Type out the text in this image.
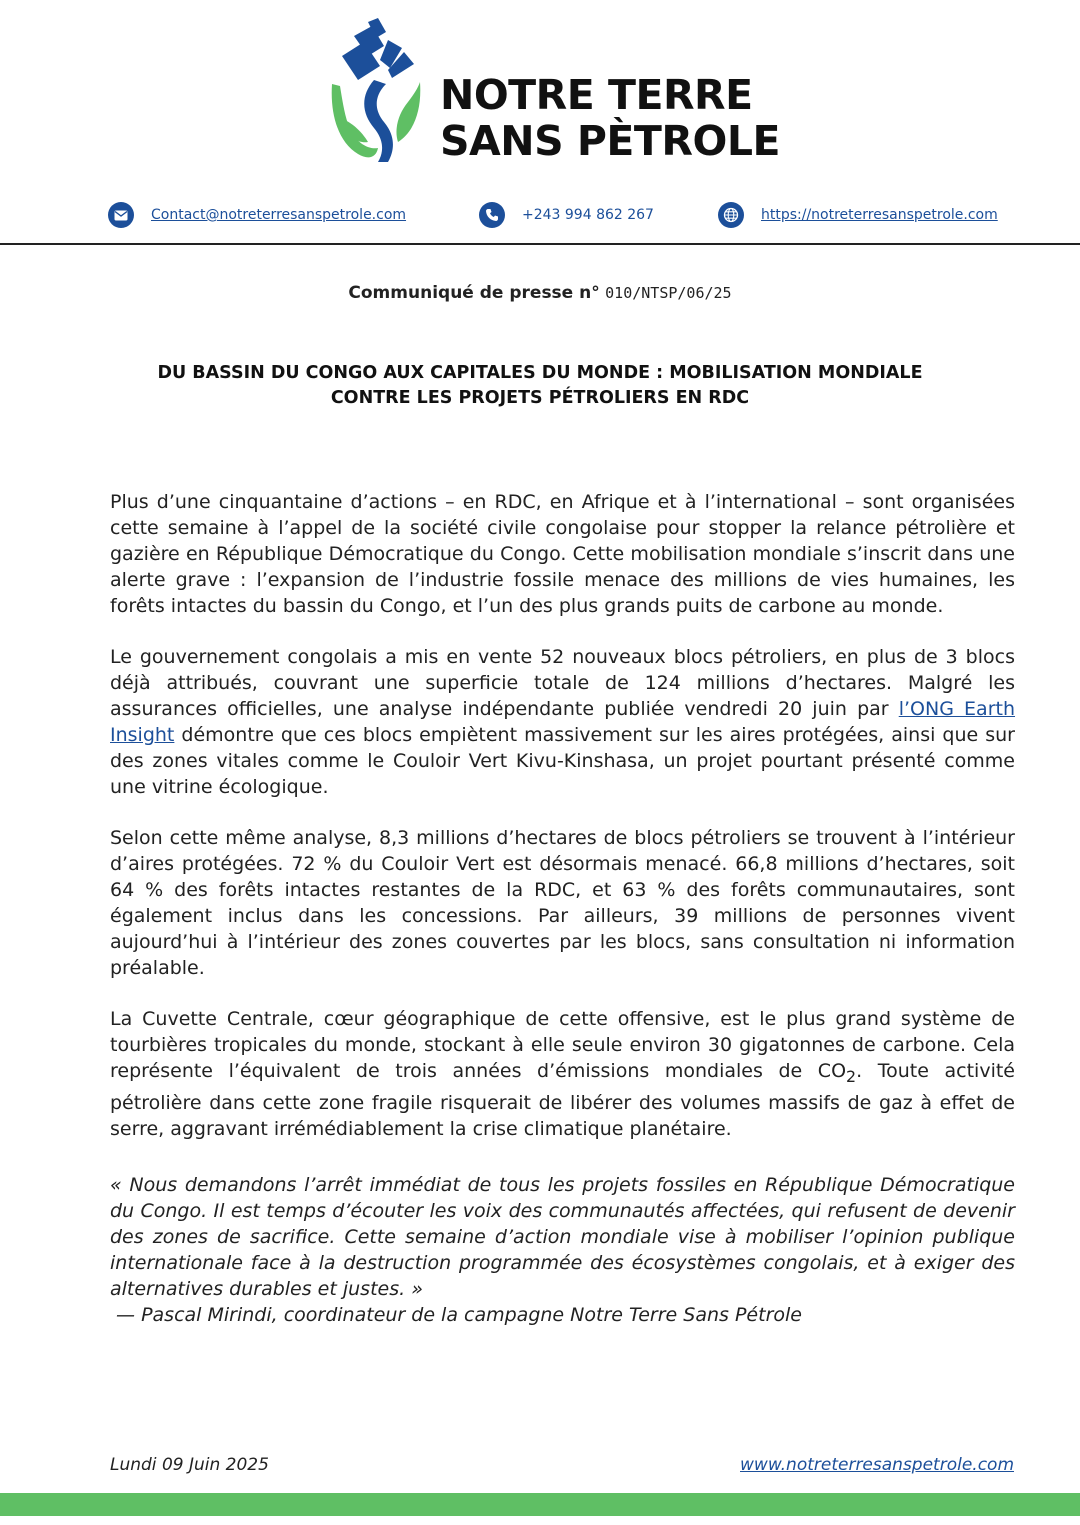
NOTRE TERRE
SANS PÈTROLE
Contact@notreterresanspetrole.com	+243 994 862 267	https://notreterresanspetrole.com
Communiqué de presse n° 010/NTSP/06/25
DU BASSIN DU CONGO AUX CAPITALES DU MONDE : MOBILISATION MONDIALE
CONTRE LES PROJETS PÉTROLIERS EN RDC

Plus d’une cinquantaine d’actions – en RDC, en Afrique et à l’international – sont organisées cette semaine à l’appel de la société civile congolaise pour stopper la relance pétrolière et gazière en République Démocratique du Congo. Cette mobilisation mondiale s’inscrit dans une alerte grave : l’expansion de l’industrie fossile menace des millions de vies humaines, les forêts intactes du bassin du Congo, et l’un des plus grands puits de carbone au monde.

Le gouvernement congolais a mis en vente 52 nouveaux blocs pétroliers, en plus de 3 blocs déjà attribués, couvrant une superficie totale de 124 millions d’hectares. Malgré les assurances officielles, une analyse indépendante publiée vendredi 20 juin par l’ONG Earth Insight démontre que ces blocs empiètent massivement sur les aires protégées, ainsi que sur des zones vitales comme le Couloir Vert Kivu-Kinshasa, un projet pourtant présenté comme une vitrine écologique.

Selon cette même analyse, 8,3 millions d’hectares de blocs pétroliers se trouvent à l’intérieur d’aires protégées. 72 % du Couloir Vert est désormais menacé. 66,8 millions d’hectares, soit 64 % des forêts intactes restantes de la RDC, et 63 % des forêts communautaires, sont également inclus dans les concessions. Par ailleurs, 39 millions de personnes vivent aujourd’hui à l’intérieur des zones couvertes par les blocs, sans consultation ni information préalable.

La Cuvette Centrale, cœur géographique de cette offensive, est le plus grand système de tourbières tropicales du monde, stockant à elle seule environ 30 gigatonnes de carbone. Cela représente l’équivalent de trois années d’émissions mondiales de $CO_2$. Toute activité pétrolière dans cette zone fragile risquerait de libérer des volumes massifs de gaz à effet de serre, aggravant irrémédiablement la crise climatique planétaire.

« Nous demandons l’arrêt immédiat de tous les projets fossiles en République Démocratique du Congo. Il est temps d’écouter les voix des communautés affectées, qui refusent de devenir des zones de sacrifice. Cette semaine d’action mondiale vise à mobiliser l’opinion publique internationale face à la destruction programmée des écosystèmes congolais, et à exiger des alternatives durables et justes. »
— Pascal Mirindi, coordinateur de la campagne Notre Terre Sans Pétrole

Lundi 09 Juin 2025	www.notreterresanspetrole.com
